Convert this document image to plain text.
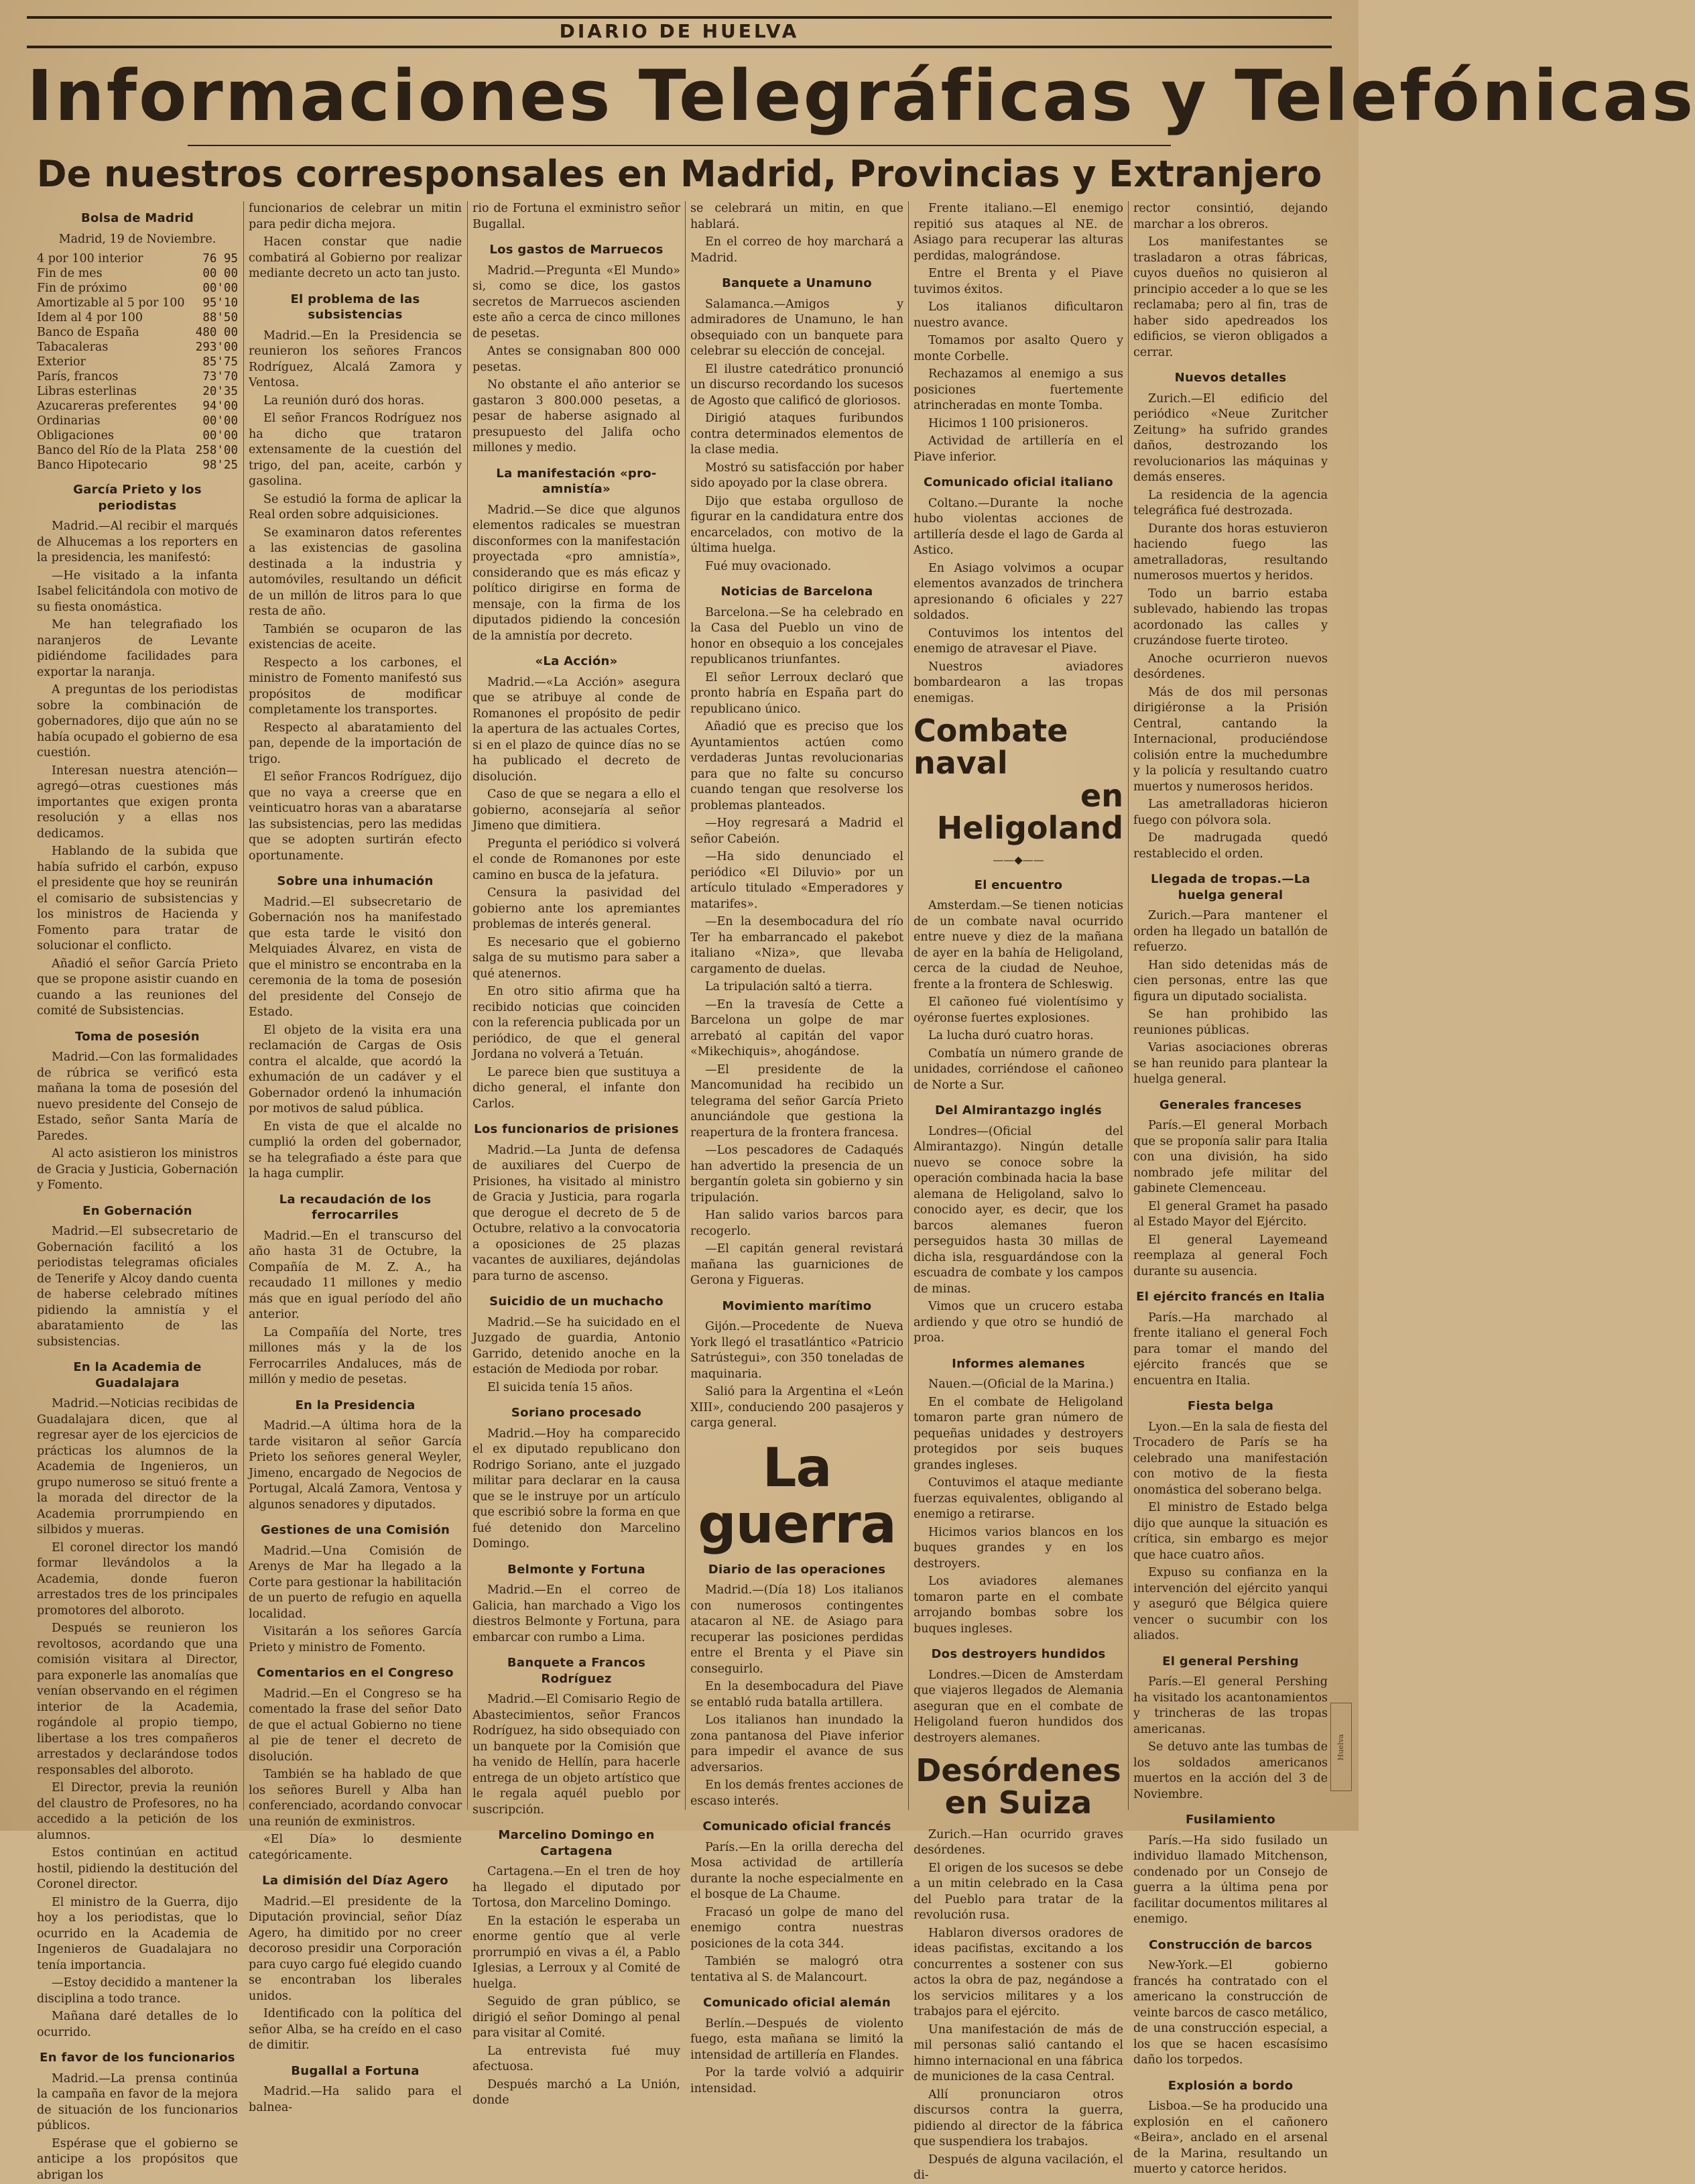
DIARIO DE HUELVA
Informaciones Telegráficas y Telefónicas
De nuestros corresponsales en Madrid, Provincias y Extranjero
Bolsa de Madrid
Madrid, 19 de Noviembre.
4 por 100 interior	76 95
Fin de mes	00 00
Fin de próximo	00'00
Amortizable al 5 por 100 95'10
Idem al 4 por 100	88'50
Banco de España	480 00
Tabacaleras	293'00
Exterior	85'75
París, francos	73'70
Libras esterlinas	20'35
Azucareras preferentes 94'00
Ordinarias	00'00
Obligaciones	00'00
Banco del Río de la Plata 258'00
Banco Hipotecario	98'25
García Prieto y los periodistas

Madrid.—Al recibir el marqués de Alhucemas a los reporters en la presidencia, les manifestó:

—He visitado a la infanta Isabel felicitándola con motivo de su fiesta onomástica.

Me han telegrafiado los naranjeros de Levante pidiéndome facilidades para exportar la naranja.

A preguntas de los periodistas sobre la combinación de gobernadores, dijo que aún no se había ocupado el gobierno de esa cuestión.

Interesan nuestra atención—agregó—otras cuestiones más importantes que exigen pronta resolución y a ellas nos dedicamos.

Hablando de la subida que había sufrido el carbón, expuso el presidente que hoy se reunirán el comisario de subsistencias y los ministros de Hacienda y Fomento para tratar de solucionar el conflicto.

Añadió el señor García Prieto que se propone asistir cuando en cuando a las reuniones del comité de Subsistencias.

Toma de posesión

Madrid.—Con las formalidades de rúbrica se verificó esta mañana la toma de posesión del nuevo presidente del Consejo de Estado, señor Santa María de Paredes.

Al acto asistieron los ministros de Gracia y Justicia, Gobernación y Fomento.

En Gobernación

Madrid.—El subsecretario de Gobernación facilitó a los periodistas telegramas oficiales de Tenerife y Alcoy dando cuenta de haberse celebrado mítines pidiendo la amnistía y el abaratamiento de las subsistencias.

En la Academia de Guadalajara

Madrid.—Noticias recibidas de Guadalajara dicen, que al regresar ayer de los ejercicios de prácticas los alumnos de la Academia de Ingenieros, un grupo numeroso se situó frente a la morada del director de la Academia prorrumpiendo en silbidos y mueras.

El coronel director los mandó formar llevándolos a la Academia, donde fueron arrestados tres de los principales promotores del alboroto.

Después se reunieron los revoltosos, acordando que una comisión visitara al Director, para exponerle las anomalías que venían observando en el régimen interior de la Academia, rogándole al propio tiempo, libertase a los tres compañeros arrestados y declarándose todos responsables del alboroto.

El Director, previa la reunión del claustro de Profesores, no ha accedido a la petición de los alumnos.

Estos continúan en actitud hostil, pidiendo la destitución del Coronel director.

El ministro de la Guerra, dijo hoy a los periodistas, que lo ocurrido en la Academia de Ingenieros de Guadalajara no tenía importancia.

—Estoy decidido a mantener la disciplina a todo trance.

Mañana daré detalles de lo ocurrido.

En favor de los funcionarios

Madrid.—La prensa continúa la campaña en favor de la mejora de situación de los funcionarios públicos.

Espérase que el gobierno se anticipe a los propósitos que abrigan los

funcionarios de celebrar un mitin para pedir dicha mejora.

Hacen constar que nadie combatirá al Gobierno por realizar mediante decreto un acto tan justo.

El problema de las subsistencias

Madrid.—En la Presidencia se reunieron los señores Francos Rodríguez, Alcalá Zamora y Ventosa.

La reunión duró dos horas.

El señor Francos Rodríguez nos ha dicho que trataron extensamente de la cuestión del trigo, del pan, aceite, carbón y gasolina.

Se estudió la forma de aplicar la Real orden sobre adquisiciones.

Se examinaron datos referentes a las existencias de gasolina destinada a la industria y automóviles, resultando un déficit de un millón de litros para lo que resta de año.

También se ocuparon de las existencias de aceite.

Respecto a los carbones, el ministro de Fomento manifestó sus propósitos de modificar completamente los transportes.

Respecto al abaratamiento del pan, depende de la importación de trigo.

El señor Francos Rodríguez, dijo que no vaya a creerse que en veinticuatro horas van a abaratarse las subsistencias, pero las medidas que se adopten surtirán efecto oportunamente.

Sobre una inhumación

Madrid.—El subsecretario de Gobernación nos ha manifestado que esta tarde le visitó don Melquiades Álvarez, en vista de que el ministro se encontraba en la ceremonia de la toma de posesión del presidente del Consejo de Estado.

El objeto de la visita era una reclamación de Cargas de Osis contra el alcalde, que acordó la exhumación de un cadáver y el Gobernador ordenó la inhumación por motivos de salud pública.

En vista de que el alcalde no cumplió la orden del gobernador, se ha telegrafiado a éste para que la haga cumplir.

La recaudación de los ferrocarriles

Madrid.—En el transcurso del año hasta 31 de Octubre, la Compañía de M. Z. A., ha recaudado 11 millones y medio más que en igual período del año anterior.

La Compañía del Norte, tres millones más y la de los Ferrocarriles Andaluces, más de millón y medio de pesetas.

En la Presidencia

Madrid.—A última hora de la tarde visitaron al señor García Prieto los señores general Weyler, Jimeno, encargado de Negocios de Portugal, Alcalá Zamora, Ventosa y algunos senadores y diputados.

Gestiones de una Comisión

Madrid.—Una Comisión de Arenys de Mar ha llegado a la Corte para gestionar la habilitación de un puerto de refugio en aquella localidad.

Visitarán a los señores García Prieto y ministro de Fomento.

Comentarios en el Congreso

Madrid.—En el Congreso se ha comentado la frase del señor Dato de que el actual Gobierno no tiene al pie de tener el decreto de disolución.

También se ha hablado de que los señores Burell y Alba han conferenciado, acordando convocar una reunión de exministros.

«El Día» lo desmiente categóricamente.

La dimisión del Díaz Agero

Madrid.—El presidente de la Diputación provincial, señor Díaz Agero, ha dimitido por no creer decoroso presidir una Corporación para cuyo cargo fué elegido cuando se encontraban los liberales unidos.

Identificado con la política del señor Alba, se ha creído en el caso de dimitir.

Bugallal a Fortuna

Madrid.—Ha salido para el balnea-

rio de Fortuna el exministro señor Bugallal.

Los gastos de Marruecos

Madrid.—Pregunta «El Mundo» si, como se dice, los gastos secretos de Marruecos ascienden este año a cerca de cinco millones de pesetas.

Antes se consignaban 800 000 pesetas.

No obstante el año anterior se gastaron 3 800.000 pesetas, a pesar de haberse asignado al presupuesto del Jalifa ocho millones y medio.

La manifestación «pro-amnistía»

Madrid.—Se dice que algunos elementos radicales se muestran disconformes con la manifestación proyectada «pro amnistía», considerando que es más eficaz y político dirigirse en forma de mensaje, con la firma de los diputados pidiendo la concesión de la amnistía por decreto.

«La Acción»

Madrid.—«La Acción» asegura que se atribuye al conde de Romanones el propósito de pedir la apertura de las actuales Cortes, si en el plazo de quince días no se ha publicado el decreto de disolución.

Caso de que se negara a ello el gobierno, aconsejaría al señor Jimeno que dimitiera.

Pregunta el periódico si volverá el conde de Romanones por este camino en busca de la jefatura.

Censura la pasividad del gobierno ante los apremiantes problemas de interés general.

Es necesario que el gobierno salga de su mutismo para saber a qué atenernos.

En otro sitio afirma que ha recibido noticias que coinciden con la referencia publicada por un periódico, de que el general Jordana no volverá a Tetuán.

Le parece bien que sustituya a dicho general, el infante don Carlos.

Los funcionarios de prisiones

Madrid.—La Junta de defensa de auxiliares del Cuerpo de Prisiones, ha visitado al ministro de Gracia y Justicia, para rogarla que derogue el decreto de 5 de Octubre, relativo a la convocatoria a oposiciones de 25 plazas vacantes de auxiliares, dejándolas para turno de ascenso.

Suicidio de un muchacho

Madrid.—Se ha suicidado en el Juzgado de guardia, Antonio Garrido, detenido anoche en la estación de Medioda por robar.

El suicida tenía 15 años.

Soriano procesado

Madrid.—Hoy ha comparecido el ex diputado republicano don Rodrigo Soriano, ante el juzgado militar para declarar en la causa que se le instruye por un artículo que escribió sobre la forma en que fué detenido don Marcelino Domingo.

Belmonte y Fortuna

Madrid.—En el correo de Galicia, han marchado a Vigo los diestros Belmonte y Fortuna, para embarcar con rumbo a Lima.

Banquete a Francos Rodríguez

Madrid.—El Comisario Regio de Abastecimientos, señor Francos Rodríguez, ha sido obsequiado con un banquete por la Comisión que ha venido de Hellín, para hacerle entrega de un objeto artístico que le regala aquél pueblo por suscripción.

Marcelino Domingo en Cartagena

Cartagena.—En el tren de hoy ha llegado el diputado por Tortosa, don Marcelino Domingo.

En la estación le esperaba un enorme gentío que al verle prorrumpió en vivas a él, a Pablo Iglesias, a Lerroux y al Comité de huelga.

Seguido de gran público, se dirigió el señor Domingo al penal para visitar al Comité.

La entrevista fué muy afectuosa.

Después marchó a La Unión, donde

se celebrará un mitin, en que hablará.

En el correo de hoy marchará a Madrid.

Banquete a Unamuno

Salamanca.—Amigos y admiradores de Unamuno, le han obsequiado con un banquete para celebrar su elección de concejal.

El ilustre catedrático pronunció un discurso recordando los sucesos de Agosto que calificó de gloriosos.

Dirigió ataques furibundos contra determinados elementos de la clase media.

Mostró su satisfacción por haber sido apoyado por la clase obrera.

Dijo que estaba orgulloso de figurar en la candidatura entre dos encarcelados, con motivo de la última huelga.

Fué muy ovacionado.

Noticias de Barcelona

Barcelona.—Se ha celebrado en la Casa del Pueblo un vino de honor en obsequio a los concejales republicanos triunfantes.

El señor Lerroux declaró que pronto habría en España part do republicano único.

Añadió que es preciso que los Ayuntamientos actúen como verdaderas Juntas revolucionarias para que no falte su concurso cuando tengan que resolverse los problemas planteados.

—Hoy regresará a Madrid el señor Cabeión.

—Ha sido denunciado el periódico «El Diluvio» por un artículo titulado «Emperadores y matarifes».

—En la desembocadura del río Ter ha embarrancado el pakebot italiano «Niza», que llevaba cargamento de duelas.

La tripulación saltó a tierra.

—En la travesía de Cette a Barcelona un golpe de mar arrebató al capitán del vapor «Mikechiquis», ahogándose.

—El presidente de la Mancomunidad ha recibido un telegrama del señor García Prieto anunciándole que gestiona la reapertura de la frontera francesa.

—Los pescadores de Cadaqués han advertido la presencia de un bergantín goleta sin gobierno y sin tripulación.

Han salido varios barcos para recogerlo.

—El capitán general revistará mañana las guarniciones de Gerona y Figueras.

Movimiento marítimo

Gijón.—Procedente de Nueva York llegó el trasatlántico «Patricio Satrústegui», con 350 toneladas de maquinaria.

Salió para la Argentina el «León XIII», conduciendo 200 pasajeros y carga general.

La guerra
Diario de las operaciones

Madrid.—(Día 18) Los italianos con numerosos contingentes atacaron al NE. de Asiago para recuperar las posiciones perdidas entre el Brenta y el Piave sin conseguirlo.

En la desembocadura del Piave se entabló ruda batalla artillera.

Los italianos han inundado la zona pantanosa del Piave inferior para impedir el avance de sus adversarios.

En los demás frentes acciones de escaso interés.

Comunicado oficial francés

París.—En la orilla derecha del Mosa actividad de artillería durante la noche especialmente en el bosque de La Chaume.

Fracasó un golpe de mano del enemigo contra nuestras posiciones de la cota 344.

También se malogró otra tentativa al S. de Malancourt.

Comunicado oficial alemán

Berlín.—Después de violento fuego, esta mañana se limitó la intensidad de artillería en Flandes.

Por la tarde volvió a adquirir intensidad.

Frente italiano.—El enemigo repitió sus ataques al NE. de Asiago para recuperar las alturas perdidas, malográndose.

Entre el Brenta y el Piave tuvimos éxitos.

Los italianos dificultaron nuestro avance.

Tomamos por asalto Quero y monte Corbelle.

Rechazamos al enemigo a sus posiciones fuertemente atrincheradas en monte Tomba.

Hicimos 1 100 prisioneros.

Actividad de artillería en el Piave inferior.

Comunicado oficial italiano

Coltano.—Durante la noche hubo violentas acciones de artillería desde el lago de Garda al Astico.

En Asiago volvimos a ocupar elementos avanzados de trinchera apresionando 6 oficiales y 227 soldados.

Contuvimos los intentos del enemigo de atravesar el Piave.

Nuestros aviadores bombardearon a las tropas enemigas.

Combate naval
en Heligoland
——◆——
El encuentro

Amsterdam.—Se tienen noticias de un combate naval ocurrido entre nueve y diez de la mañana de ayer en la bahía de Heligoland, cerca de la ciudad de Neuhoe, frente a la frontera de Schleswig.

El cañoneo fué violentísimo y oyéronse fuertes explosiones.

La lucha duró cuatro horas.

Combatía un número grande de unidades, corriéndose el cañoneo de Norte a Sur.

Del Almirantazgo inglés

Londres—(Oficial del Almirantazgo). Ningún detalle nuevo se conoce sobre la operación combinada hacia la base alemana de Heligoland, salvo lo conocido ayer, es decir, que los barcos alemanes fueron perseguidos hasta 30 millas de dicha isla, resguardándose con la escuadra de combate y los campos de minas.

Vimos que un crucero estaba ardiendo y que otro se hundió de proa.

Informes alemanes

Nauen.—(Oficial de la Marina.)

En el combate de Heligoland tomaron parte gran número de pequeñas unidades y destroyers protegidos por seis buques grandes ingleses.

Contuvimos el ataque mediante fuerzas equivalentes, obligando al enemigo a retirarse.

Hicimos varios blancos en los buques grandes y en los destroyers.

Los aviadores alemanes tomaron parte en el combate arrojando bombas sobre los buques ingleses.

Dos destroyers hundidos

Londres.—Dicen de Amsterdam que viajeros llegados de Alemania aseguran que en el combate de Heligoland fueron hundidos dos destroyers alemanes.

Desórdenes en Suiza

Zurich.—Han ocurrido graves desórdenes.

El origen de los sucesos se debe a un mitin celebrado en la Casa del Pueblo para tratar de la revolución rusa.

Hablaron diversos oradores de ideas pacifistas, excitando a los concurrentes a sostener con sus actos la obra de paz, negándose a los servicios militares y a los trabajos para el ejército.

Una manifestación de más de mil personas salió cantando el himno internacional en una fábrica de municiones de la casa Central.

Allí pronunciaron otros discursos contra la guerra, pidiendo al director de la fábrica que suspendiera los trabajos.

Después de alguna vacilación, el di-

rector consintió, dejando marchar a los obreros.

Los manifestantes se trasladaron a otras fábricas, cuyos dueños no quisieron al principio acceder a lo que se les reclamaba; pero al fin, tras de haber sido apedreados los edificios, se vieron obligados a cerrar.

Nuevos detalles

Zurich.—El edificio del periódico «Neue Zuritcher Zeitung» ha sufrido grandes daños, destrozando los revolucionarios las máquinas y demás enseres.

La residencia de la agencia telegráfica fué destrozada.

Durante dos horas estuvieron haciendo fuego las ametralladoras, resultando numerosos muertos y heridos.

Todo un barrio estaba sublevado, habiendo las tropas acordonado las calles y cruzándose fuerte tiroteo.

Anoche ocurrieron nuevos desórdenes.

Más de dos mil personas dirigiéronse a la Prisión Central, cantando la Internacional, produciéndose colisión entre la muchedumbre y la policía y resultando cuatro muertos y numerosos heridos.

Las ametralladoras hicieron fuego con pólvora sola.

De madrugada quedó restablecido el orden.

Llegada de tropas.—La huelga general

Zurich.—Para mantener el orden ha llegado un batallón de refuerzo.

Han sido detenidas más de cien personas, entre las que figura un diputado socialista.

Se han prohibido las reuniones públicas.

Varias asociaciones obreras se han reunido para plantear la huelga general.

Generales franceses

París.—El general Morbach que se proponía salir para Italia con una división, ha sido nombrado jefe militar del gabinete Clemenceau.

El general Gramet ha pasado al Estado Mayor del Ejército.

El general Layemeand reemplaza al general Foch durante su ausencia.

El ejército francés en Italia

París.—Ha marchado al frente italiano el general Foch para tomar el mando del ejército francés que se encuentra en Italia.

Fiesta belga

Lyon.—En la sala de fiesta del Trocadero de París se ha celebrado una manifestación con motivo de la fiesta onomástica del soberano belga.

El ministro de Estado belga dijo que aunque la situación es crítica, sin embargo es mejor que hace cuatro años.

Expuso su confianza en la intervención del ejército yanqui y aseguró que Bélgica quiere vencer o sucumbir con los aliados.

El general Pershing

París.—El general Pershing ha visitado los acantonamientos y trincheras de las tropas americanas.

Se detuvo ante las tumbas de los soldados americanos muertos en la acción del 3 de Noviembre.

Fusilamiento

París.—Ha sido fusilado un individuo llamado Mitchenson, condenado por un Consejo de guerra a la última pena por facilitar documentos militares al enemigo.

Construcción de barcos

New-York.—El gobierno francés ha contratado con el americano la construcción de veinte barcos de casco metálico, de una construcción especial, a los que se hacen escasísimo daño los torpedos.

Explosión a bordo

Lisboa.—Se ha producido una explosión en el cañonero «Beira», anclado en el arsenal de la Marina, resultando un muerto y catorce heridos.

Huelva
